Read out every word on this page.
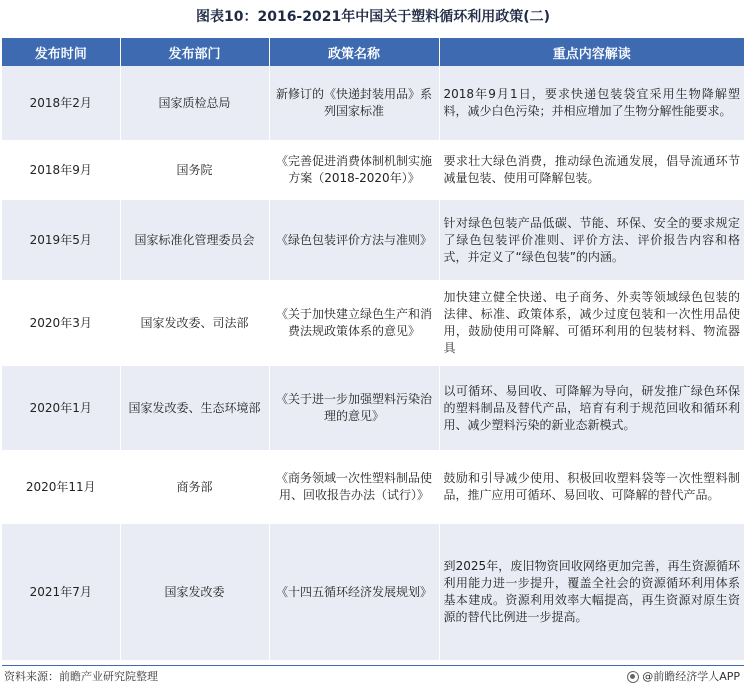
图表10：2016-2021年中国关于塑料循环利用政策(二)
发布时间	发布部门	政策名称	重点内容解读
2018年2月	国家质检总局	新修订的《快递封装用品》系列国家标准	2018年9月1日，要求快递包装袋宜采用生物降解塑料，减少白色污染；并相应增加了生物分解性能要求。
2018年9月	国务院	《完善促进消费体制机制实施方案（2018-2020年）》	要求壮大绿色消费，推动绿色流通发展，倡导流通环节减量包装、使用可降解包装。
2019年5月	国家标准化管理委员会	《绿色包装评价方法与准则》	针对绿色包装产品低碳、节能、环保、安全的要求规定了绿色包装评价准则、评价方法、评价报告内容和格式，并定义了“绿色包装”的内涵。
2020年3月	国家发改委、司法部	《关于加快建立绿色生产和消费法规政策体系的意见》	加快建立健全快递、电子商务、外卖等领域绿色包装的法律、标准、政策体系，减少过度包装和一次性用品使用，鼓励使用可降解、可循环利用的包装材料、物流器具
2020年1月	国家发改委、生态环境部	《关于进一步加强塑料污染治理的意见》	以可循环、易回收、可降解为导向，研发推广绿色环保的塑料制品及替代产品，培育有利于规范回收和循环利用、减少塑料污染的新业态新模式。
2020年11月	商务部	《商务领域一次性塑料制品使用、回收报告办法（试行）》	鼓励和引导减少使用、积极回收塑料袋等一次性塑料制品，推广应用可循环、易回收、可降解的替代产品。
2021年7月	国家发改委	《十四五循环经济发展规划》	到2025年，废旧物资回收网络更加完善，再生资源循环利用能力进一步提升，覆盖全社会的资源循环利用体系基本建成。资源利用效率大幅提高，再生资源对原生资源的替代比例进一步提高。
资料来源：前瞻产业研究院整理	@前瞻经济学人APP
